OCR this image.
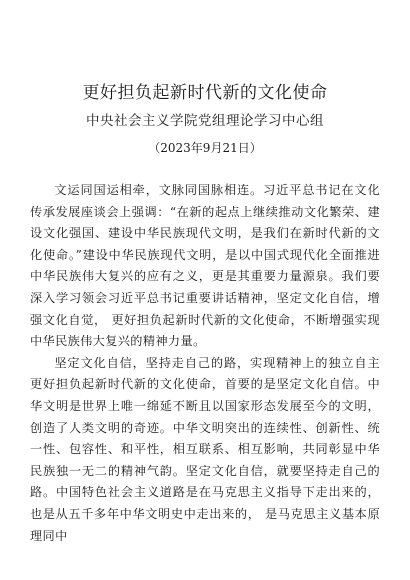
更好担负起新时代新的文化使命
中央社会主义学院党组理论学习中心组
（2023年9月21日）

文运同国运相牵，文脉同国脉相连。习近平总书记在文化传承发展座谈会上强调：“在新的起点上继续推动文化繁荣、建设文化强国、建设中华民族现代文明，是我们在新时代新的文化使命。”建设中华民族现代文明，是以中国式现代化全面推进中华民族伟大复兴的应有之义，更是其重要力量源泉。我们要深入学习领会习近平总书记重要讲话精神，坚定文化自信，增强文化自觉， 更好担负起新时代新的文化使命，不断增强实现中华民族伟大复兴的精神力量。

坚定文化自信，坚持走自己的路，实现精神上的独立自主更好担负起新时代新的文化使命，首要的是坚定文化自信。中华文明是世界上唯一绵延不断且以国家形态发展至今的文明，创造了人类文明的奇迹。中华文明突出的连续性、创新性、统一性、包容性、和平性，相互联系、相互影响，共同彰显中华民族独一无二的精神气韵。坚定文化自信，就要坚持走自己的路。中国特色社会主义道路是在马克思主义指导下走出来的，也是从五千多年中华文明史中走出来的， 是马克思主义基本原理同中
